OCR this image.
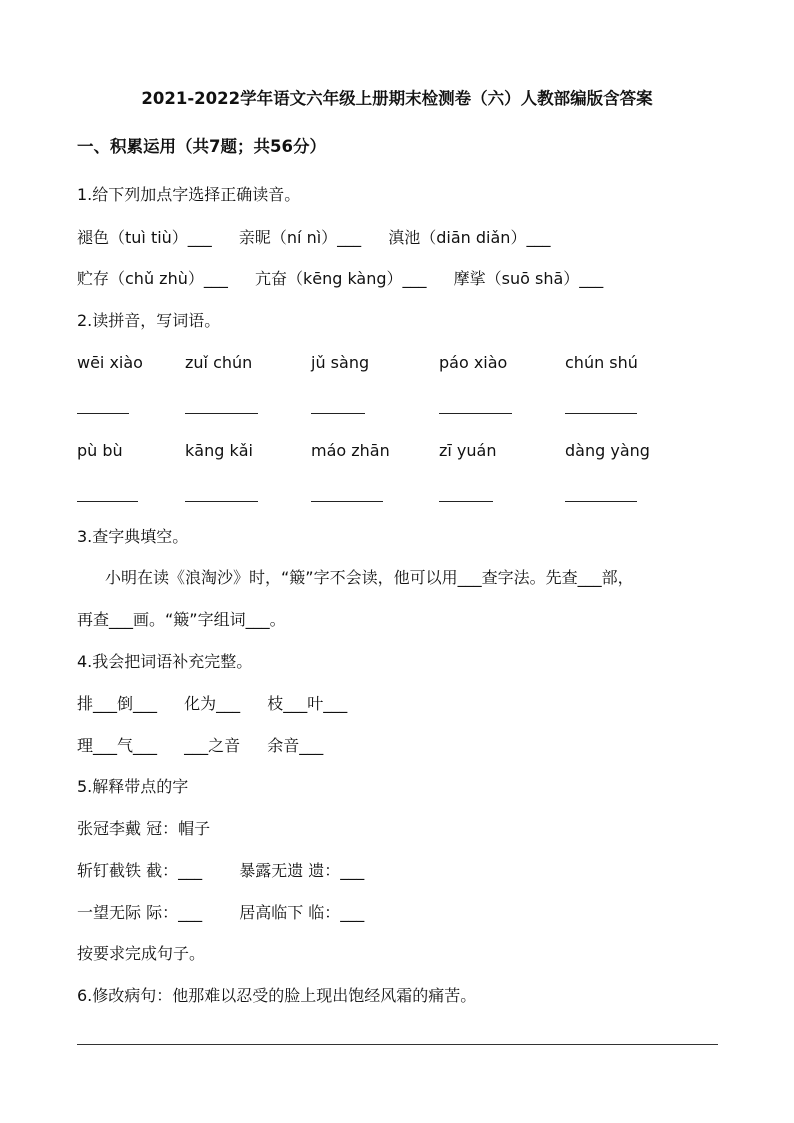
2021-2022学年语文六年级上册期末检测卷（六）人教部编版含答案
一、积累运用（共7题；共56分）
1.给下列加点字选择正确读音。
褪色（tuì tiù）___ 亲昵（ní nì）___ 滇池（diān diǎn）___
贮存（chǔ zhù）___ 亢奋（kēng kàng）___ 摩挲（suō shā）___
2.读拼音，写词语。
wēi xiào	zuǐ chún	jǔ sàng	páo xiào	chún shú
pù bù	kāng kǎi	máo zhān	zī yuán	dàng yàng
3.查字典填空。
小明在读《浪淘沙》时，“簸”字不会读，他可以用___查字法。先查___部，
再查___画。“簸”字组词___。
4.我会把词语补充完整。
排___倒___ 化为___ 枝___叶___
理___气___ ___之音 余音___
5.解释带点的字
张冠李戴 冠：帽子
斩钉截铁 截：___ 暴露无遗 遗：___
一望无际 际：___ 居高临下 临：___
按要求完成句子。
6.修改病句：他那难以忍受的脸上现出饱经风霜的痛苦。
